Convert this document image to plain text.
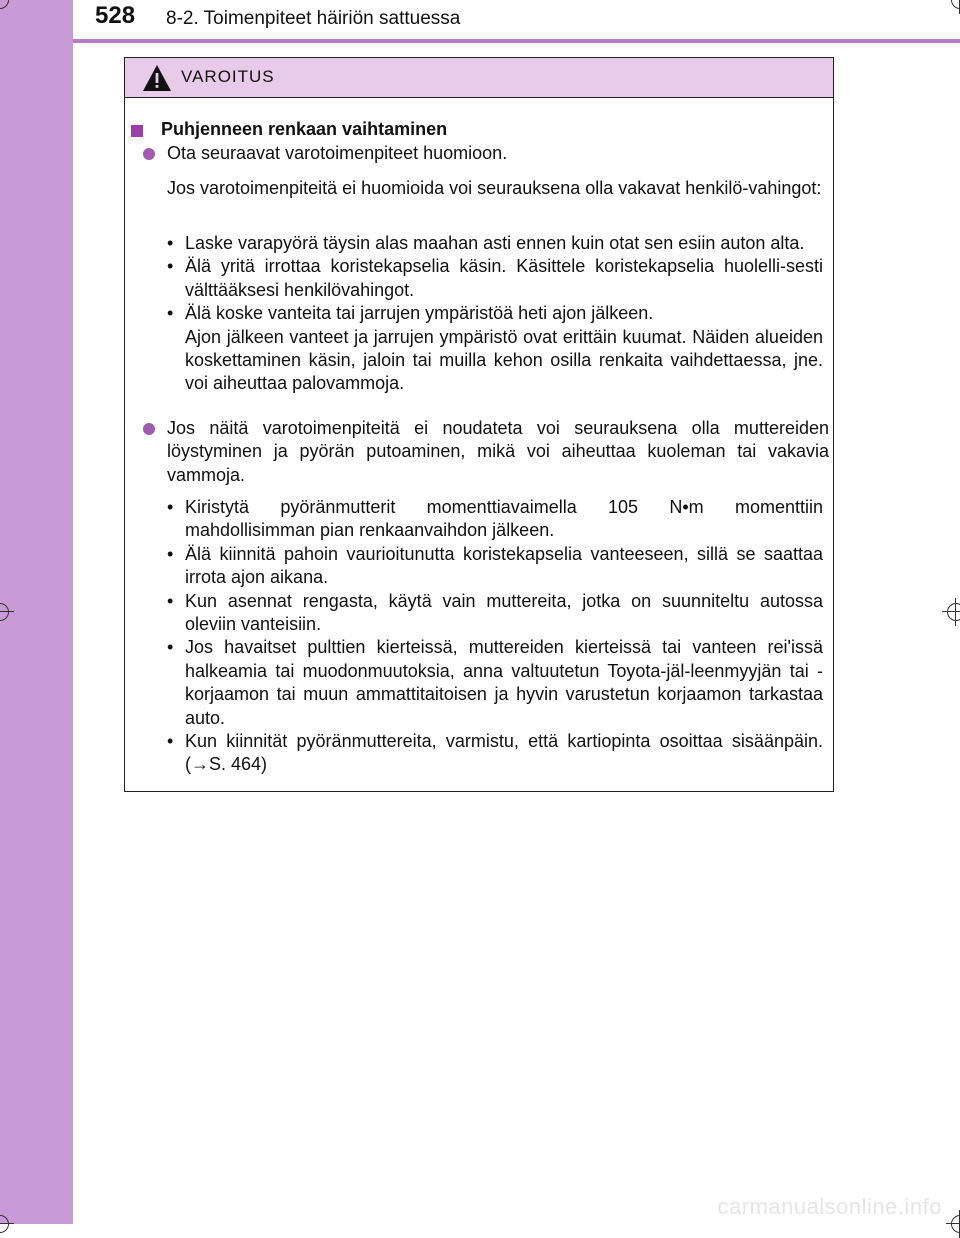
528 8-2. Toimenpiteet häiriön sattuessa
VAROITUS
Puhjenneen renkaan vaihtaminen
Ota seuraavat varotoimenpiteet huomioon.
Jos varotoimenpiteitä ei huomioida voi seurauksena olla vakavat henkilö-vahingot:
• Laske varapyörä täysin alas maahan asti ennen kuin otat sen esiin auton alta.
• Älä yritä irrottaa koristekapselia käsin. Käsittele koristekapselia huolelli-sesti välttääksesi henkilövahingot.
• Älä koske vanteita tai jarrujen ympäristöä heti ajon jälkeen.
Ajon jälkeen vanteet ja jarrujen ympäristö ovat erittäin kuumat. Näiden alueiden koskettaminen käsin, jaloin tai muilla kehon osilla renkaita vaihdettaessa, jne. voi aiheuttaa palovammoja.
Jos näitä varotoimenpiteitä ei noudateta voi seurauksena olla muttereiden löystyminen ja pyörän putoaminen, mikä voi aiheuttaa kuoleman tai vakavia vammoja.
• Kiristytä pyöränmutterit momenttiavaimella 105 N•m momenttiin mahdollisimman pian renkaanvaihdon jälkeen.
• Älä kiinnitä pahoin vaurioitunutta koristekapselia vanteeseen, sillä se saattaa irrota ajon aikana.
• Kun asennat rengasta, käytä vain muttereita, jotka on suunniteltu autossa oleviin vanteisiin.
• Jos havaitset pulttien kierteissä, muttereiden kierteissä tai vanteen rei'issä halkeamia tai muodonmuutoksia, anna valtuutetun Toyota-jäl-leenmyyjän tai -korjaamon tai muun ammattitaitoisen ja hyvin varustetun korjaamon tarkastaa auto.
• Kun kiinnität pyöränmuttereita, varmistu, että kartiopinta osoittaa sisäänpäin. (→S. 464)
carmanualsonline.info
